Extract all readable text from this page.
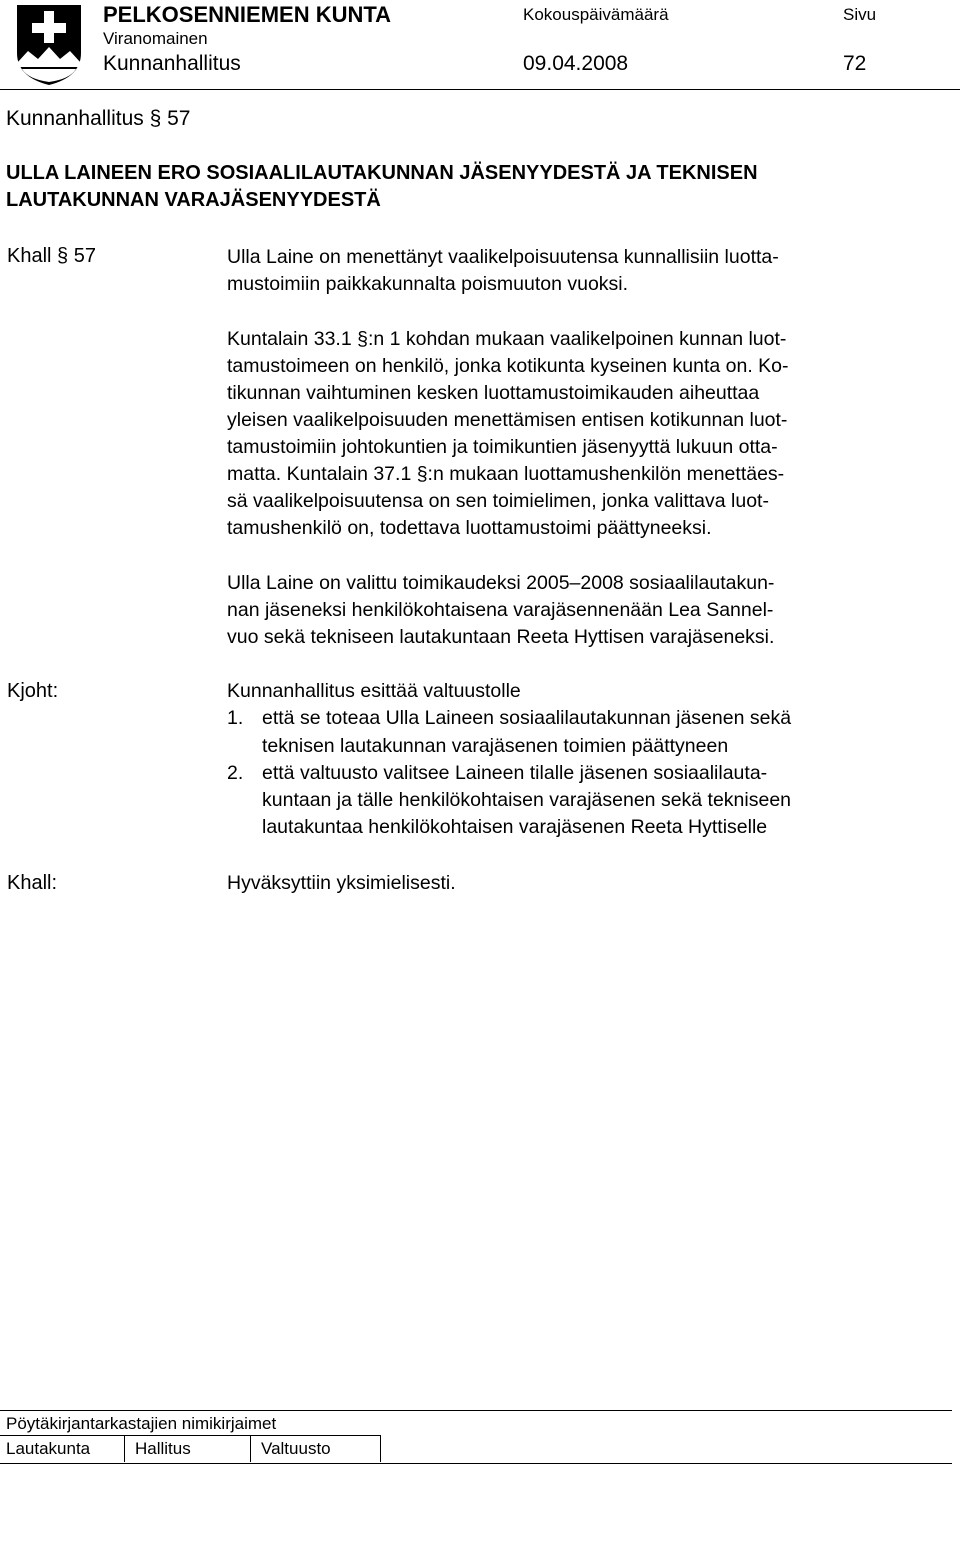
PELKOSENNIEMEN KUNTA	Kokouspäivämäärä	Sivu
Viranomainen
Kunnanhallitus	09.04.2008	72
Kunnanhallitus § 57
ULLA LAINEEN ERO SOSIAALILAUTAKUNNAN JÄSENYYDESTÄ JA TEKNISEN
LAUTAKUNNAN VARAJÄSENYYDESTÄ
Khall § 57	Ulla Laine on menettänyt vaalikelpoisuutensa kunnallisiin luotta-
mustoimiin paikkakunnalta poismuuton vuoksi.
Kuntalain 33.1 §:n 1 kohdan mukaan vaalikelpoinen kunnan luot-
tamustoimeen on henkilö, jonka kotikunta kyseinen kunta on. Ko-
tikunnan vaihtuminen kesken luottamustoimikauden aiheuttaa
yleisen vaalikelpoisuuden menettämisen entisen kotikunnan luot-
tamustoimiin johtokuntien ja toimikuntien jäsenyyttä lukuun otta-
matta. Kuntalain 37.1 §:n mukaan luottamushenkilön menettäes-
sä vaalikelpoisuutensa on sen toimielimen, jonka valittava luot-
tamushenkilö on, todettava luottamustoimi päättyneeksi.
Ulla Laine on valittu toimikaudeksi 2005–2008 sosiaalilautakun-
nan jäseneksi henkilökohtaisena varajäsennenään Lea Sannel-
vuo sekä tekniseen lautakuntaan Reeta Hyttisen varajäseneksi.
Kjoht:	Kunnanhallitus esittää valtuustolle
1. että se toteaa Ulla Laineen sosiaalilautakunnan jäsenen sekä
teknisen lautakunnan varajäsenen toimien päättyneen
2. että valtuusto valitsee Laineen tilalle jäsenen sosiaalilauta-
kuntaan ja tälle henkilökohtaisen varajäsenen sekä tekniseen
lautakuntaa henkilökohtaisen varajäsenen Reeta Hyttiselle
Khall:	Hyväksyttiin yksimielisesti.
Pöytäkirjantarkastajien nimikirjaimet
Lautakunta	Hallitus	Valtuusto
